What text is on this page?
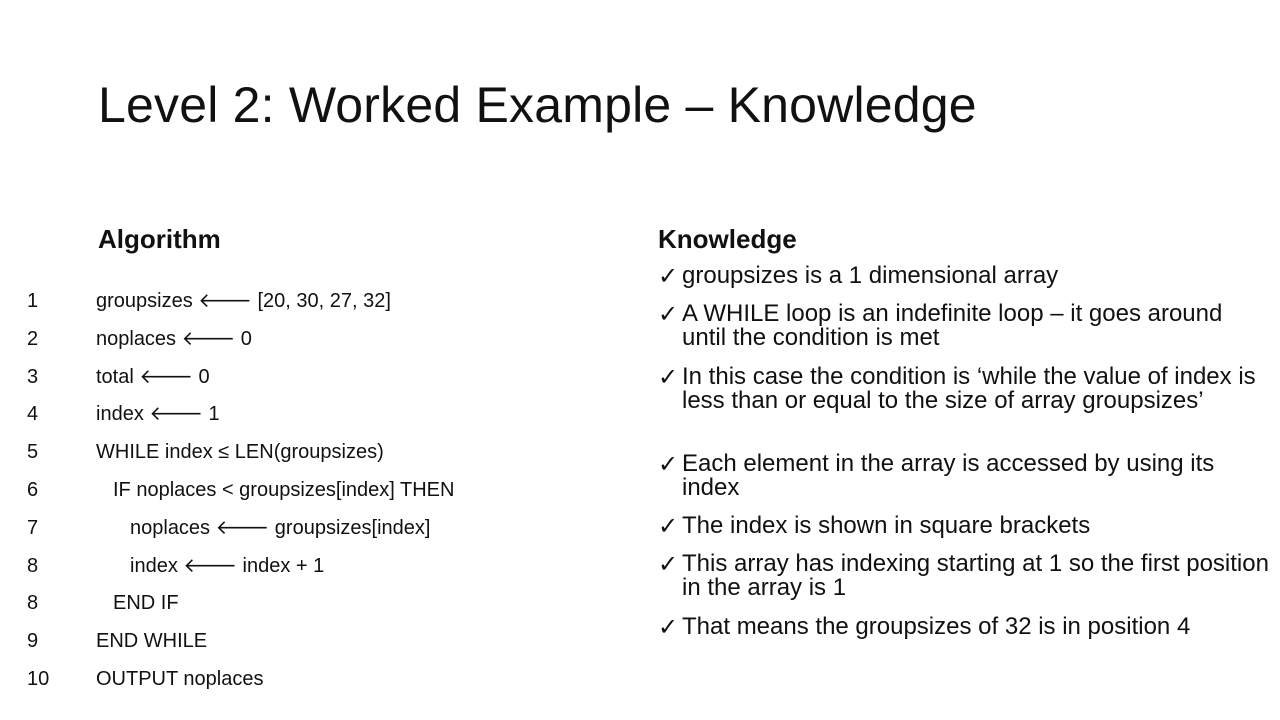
Level 2: Worked Example – Knowledge
Algorithm
1	groupsizes 🡐 [20, 30, 27, 32]
2	noplaces 🡐 0
3	total 🡐 0
4	index 🡐 1
5	WHILE index ≤ LEN(groupsizes)
6	IF noplaces < groupsizes[index] THEN
7	noplaces 🡐 groupsizes[index]
8	index 🡐 index + 1
8	END IF
9	END WHILE
10 OUTPUT noplaces
Knowledge
✓ groupsizes is a 1 dimensional array
✓ A WHILE loop is an indefinite loop – it goes around until the condition is met
✓ In this case the condition is ‘while the value of index is less than or equal to the size of array groupsizes’
✓ Each element in the array is accessed by using its index
✓ The index is shown in square brackets
✓ This array has indexing starting at 1 so the first position in the array is 1
✓ That means the groupsizes of 32 is in position 4
